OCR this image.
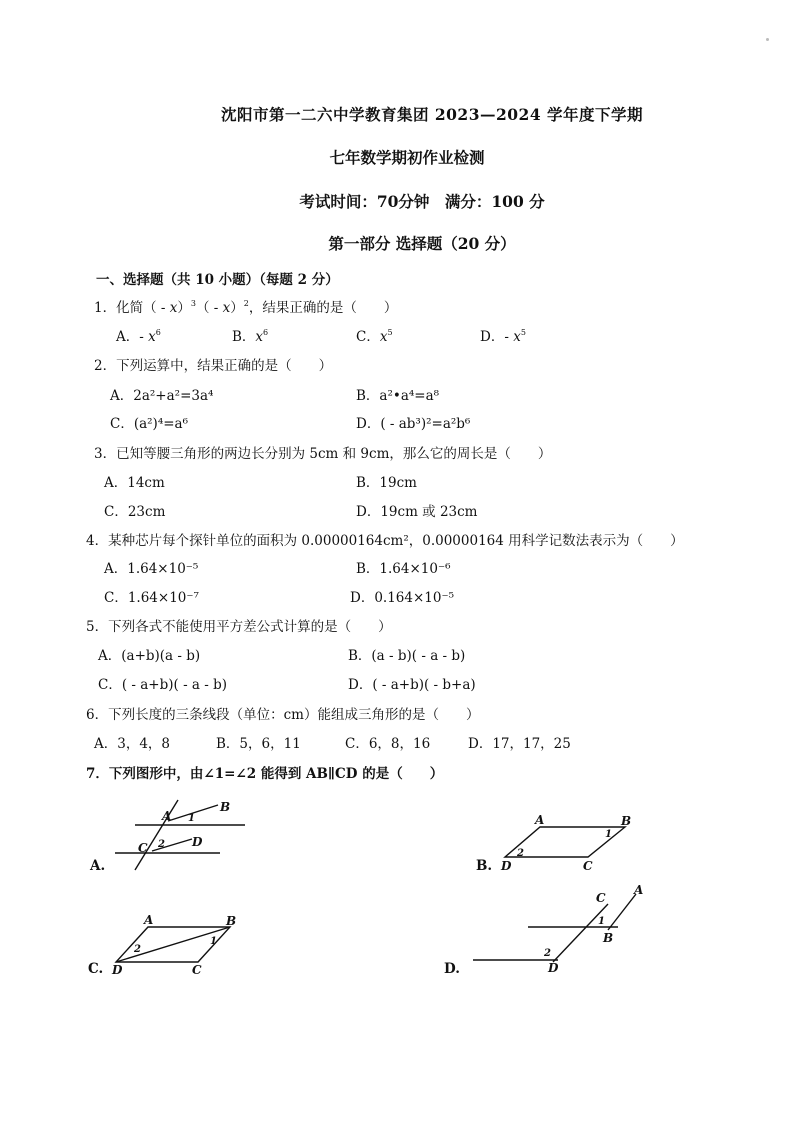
沈阳市第一二六中学教育集团 2023—2024 学年度下学期
七年数学期初作业检测
考试时间：70分钟　满分：100 分
第一部分 选择题（20 分）
一、选择题（共 10 小题）（每题 2 分）
1．化简（ - x）$^3$（ - x）$^2$，结果正确的是（　　）
A．- $x^6$	B．$x^6$	C．$x^5$	D．- $x^5$
2．下列运算中，结果正确的是（　　）
A．2a²+a²=3a⁴	B．a²•a⁴=a⁸
C．(a²)⁴=a⁶	D．( - ab³)²=a²b⁶
3．已知等腰三角形的两边长分别为 5cm 和 9cm，那么它的周长是（　　）
A．14cm	B．19cm
C．23cm	D．19cm 或 23cm
4．某种芯片每个探针单位的面积为 0.00000164cm²，0.00000164 用科学记数法表示为（　　）
A．1.64×10⁻⁵	B．1.64×10⁻⁶
C．1.64×10⁻⁷	D．0.164×10⁻⁵
5．下列各式不能使用平方差公式计算的是（　　）
A．(a+b)(a - b)	B．(a - b)( - a - b)
C．( - a+b)( - a - b)	D．( - a+b)( - b+a)
6．下列长度的三条线段（单位：cm）能组成三角形的是（　　）
A．3，4，8	B．5，6，11	C．6，8，16	D．17，17，25
7．下列图形中，由∠1=∠2 能得到 AB∥CD 的是（　　）
A.
A
B
1
C	D
2
B.
A	B
C
D
1
2
C.
A	B
C
D
1
2
D.
C
A
B
D
1
2
